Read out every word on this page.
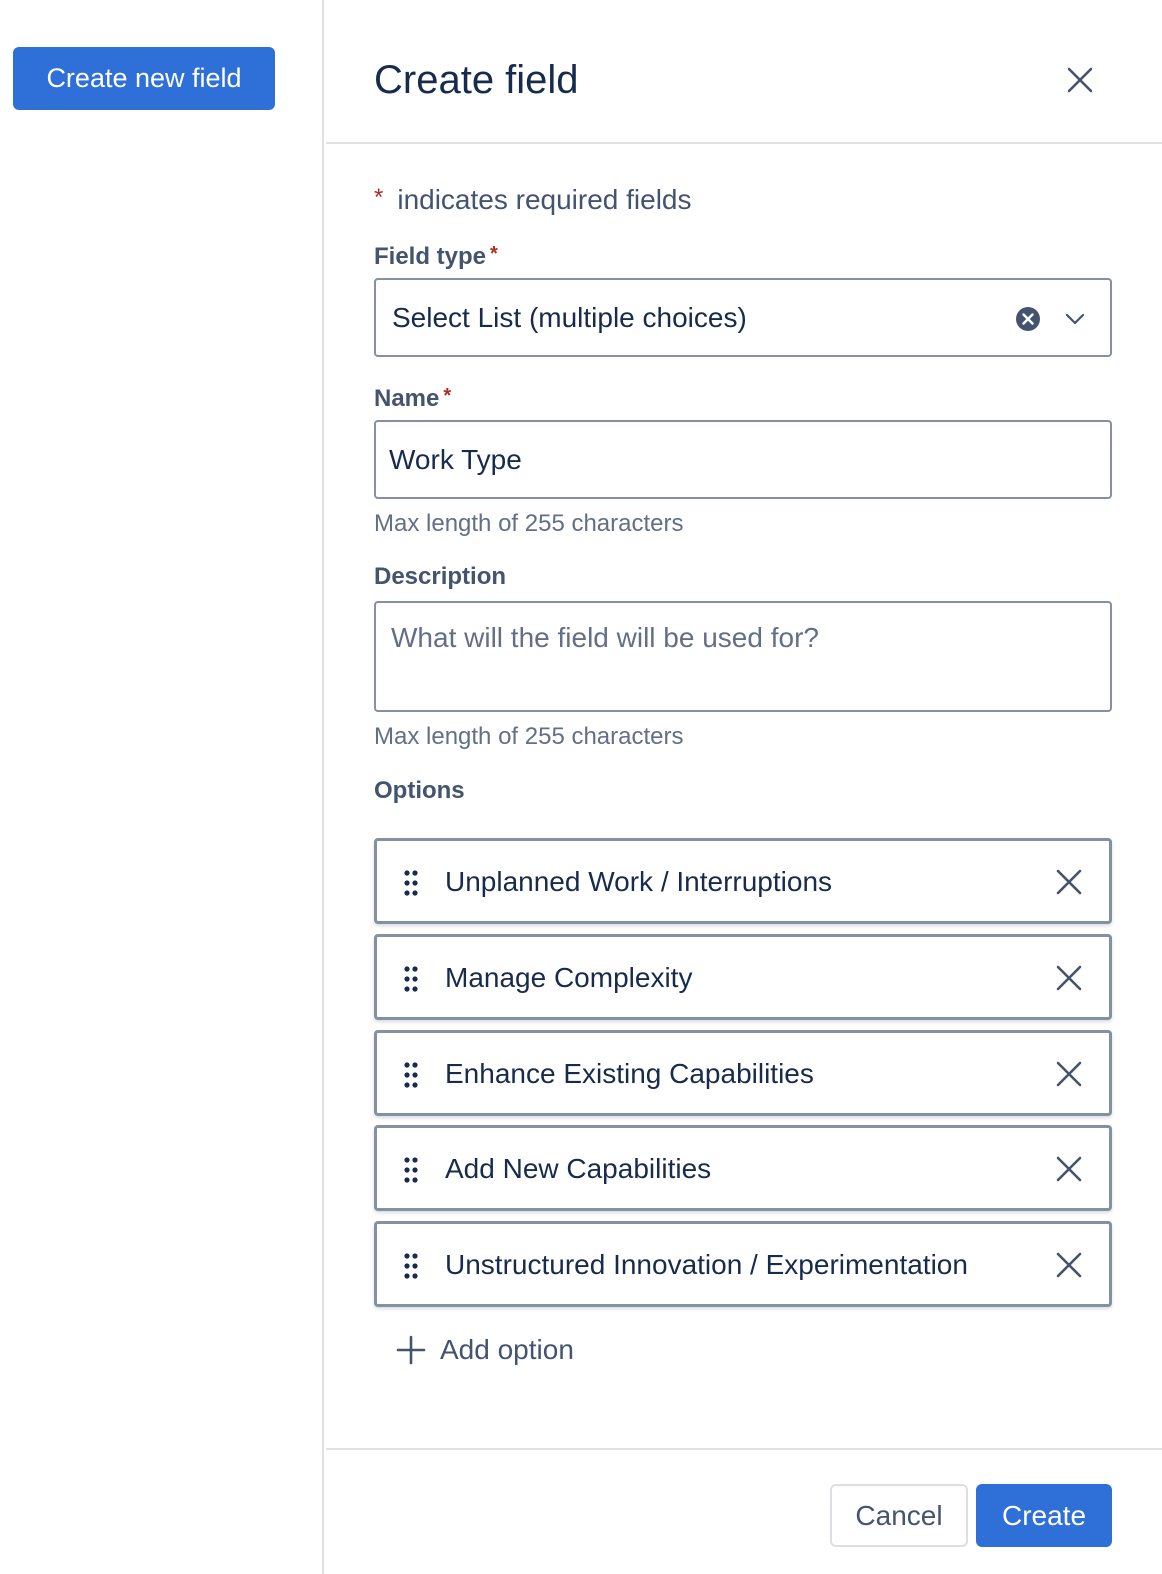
Create new field	Create field
* indicates required fields
Field type *
Select List (multiple choices)
Name *
Work Type
Max length of 255 characters
Description
What will the field will be used for?
Max length of 255 characters
Options
Unplanned Work / Interruptions
Manage Complexity
Enhance Existing Capabilities
Add New Capabilities
Unstructured Innovation / Experimentation
Add option
Cancel	Create
